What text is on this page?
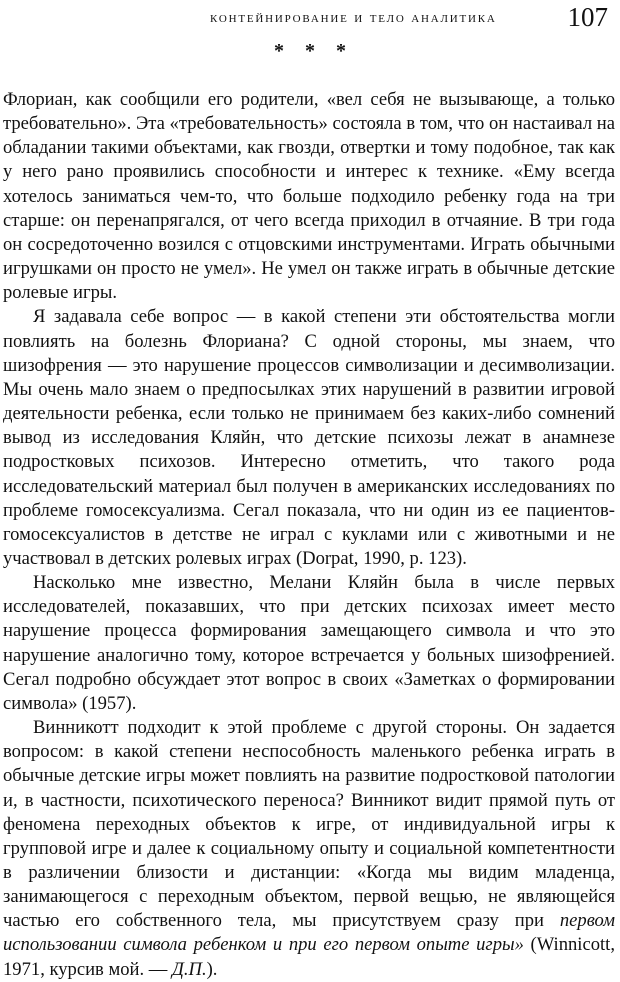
контейнирование и тело аналитика	107
* * *

Флориан, как сообщили его родители, «вел себя не вызывающе, а только требовательно». Эта «требовательность» состояла в том, что он настаивал на обладании такими объектами, как гвозди, отвертки и тому подобное, так как у него рано проявились способности и интерес к технике. «Ему всегда хотелось заниматься чем-то, что больше подходило ребенку года на три старше: он перенапрягался, от чего всегда приходил в отчаяние. В три года он сосредоточенно возился с отцовскими инструментами. Играть обычными игрушками он просто не умел». Не умел он также играть в обычные детские ролевые игры.

Я задавала себе вопрос — в какой степени эти обстоятельства могли повлиять на болезнь Флориана? С одной стороны, мы знаем, что шизофрения — это нарушение процессов символизации и десимволизации. Мы очень мало знаем о предпосылках этих нарушений в развитии игровой деятельности ребенка, если только не принимаем без каких-либо сомнений вывод из исследования Кляйн, что детские психозы лежат в анамнезе подростковых психозов. Интересно отметить, что такого рода исследовательский материал был получен в американских исследованиях по проблеме гомосексуализма. Сегал показала, что ни один из ее пациентов-гомосексуалистов в детстве не играл с куклами или с животными и не участвовал в детских ролевых играх (Dorpat, 1990, p. 123).

Насколько мне известно, Мелани Кляйн была в числе первых исследователей, показавших, что при детских психозах имеет место нарушение процесса формирования замещающего символа и что это нарушение аналогично тому, которое встречается у больных шизофренией. Сегал подробно обсуждает этот вопрос в своих «Заметках о формировании символа» (1957).

Винникотт подходит к этой проблеме с другой стороны. Он задается вопросом: в какой степени неспособность маленького ребенка играть в обычные детские игры может повлиять на развитие подростковой патологии и, в частности, психотического переноса? Винникот видит прямой путь от феномена переходных объектов к игре, от индивидуальной игры к групповой игре и далее к социальному опыту и социальной компетентности в различении близости и дистанции: «Когда мы видим младенца, занимающегося с переходным объектом, первой вещью, не являющейся частью его собственного тела, мы присутствуем сразу при первом использовании символа ребенком и при его первом опыте игры» (Winnicott, 1971, курсив мой. — Д.П.).
